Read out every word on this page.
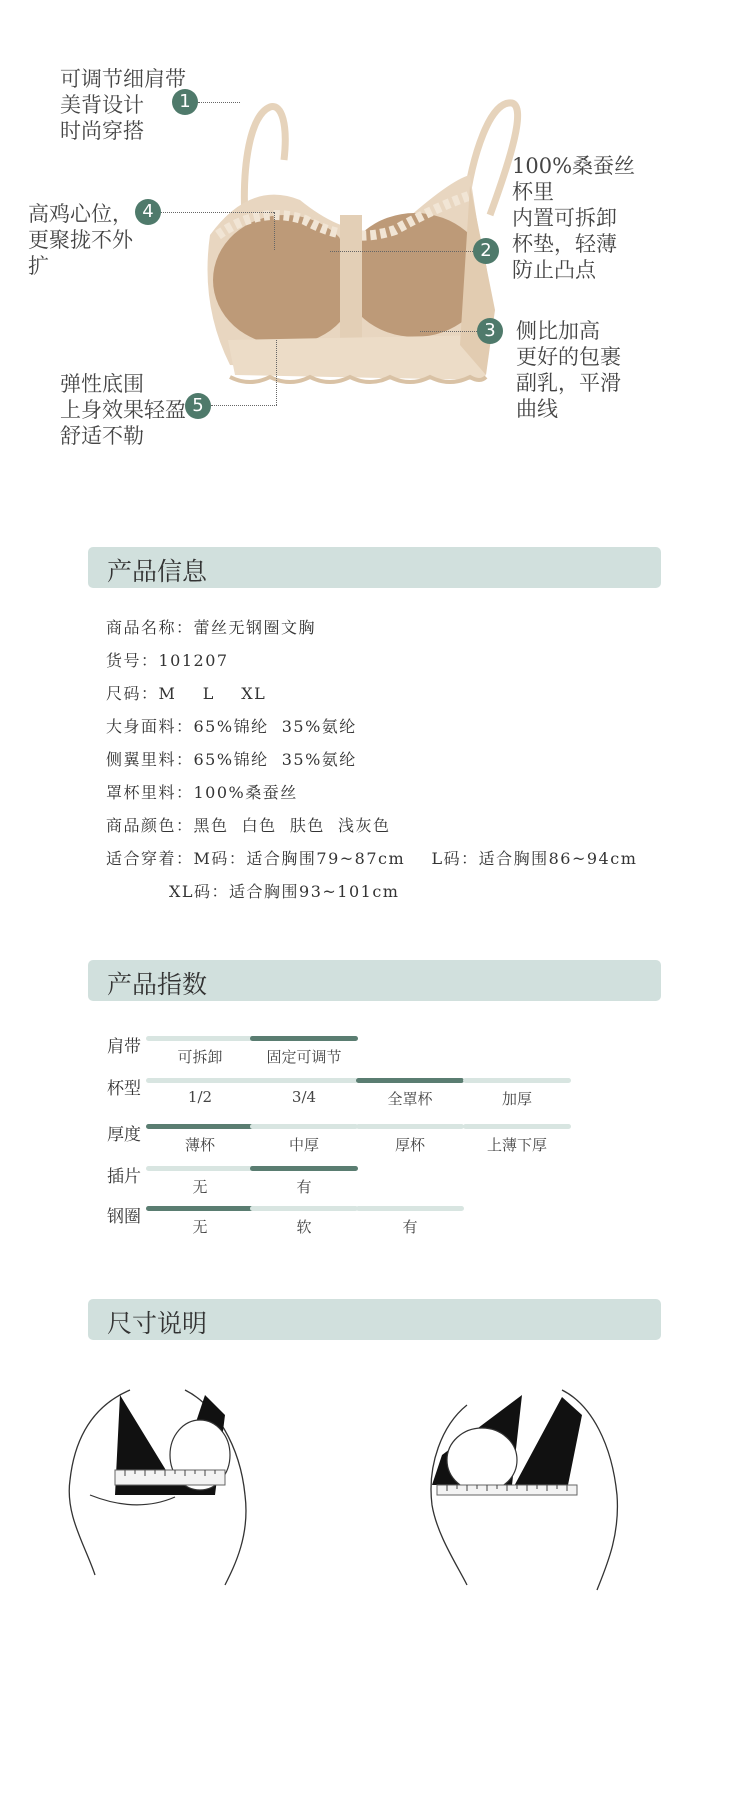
1
2
3
4
5
可调节细肩带
美背设计
时尚穿搭
100%桑蚕丝
杯里
内置可拆卸
杯垫，轻薄
防止凸点
侧比加高
更好的包裹
副乳，平滑
曲线
高鸡心位，
更聚拢不外
扩
弹性底围
上身效果轻盈
舒适不勒
产品信息
商品名称：蕾丝无钢圈文胸
货号：101207
尺码：M    L    XL
大身面料：65%锦纶  35%氨纶
侧翼里料：65%锦纶  35%氨纶
罩杯里料：100%桑蚕丝
商品颜色：黑色  白色  肤色  浅灰色
适合穿着：M码：适合胸围79~87cm    L码：适合胸围86~94cm
XL码：适合胸围93~101cm
产品指数
肩带	可拆卸	固定可调节
杯型	1/2	3/4	全罩杯	加厚
厚度	薄杯	中厚	厚杯	上薄下厚
插片	无	有
钢圈	无	软	有
尺寸说明
